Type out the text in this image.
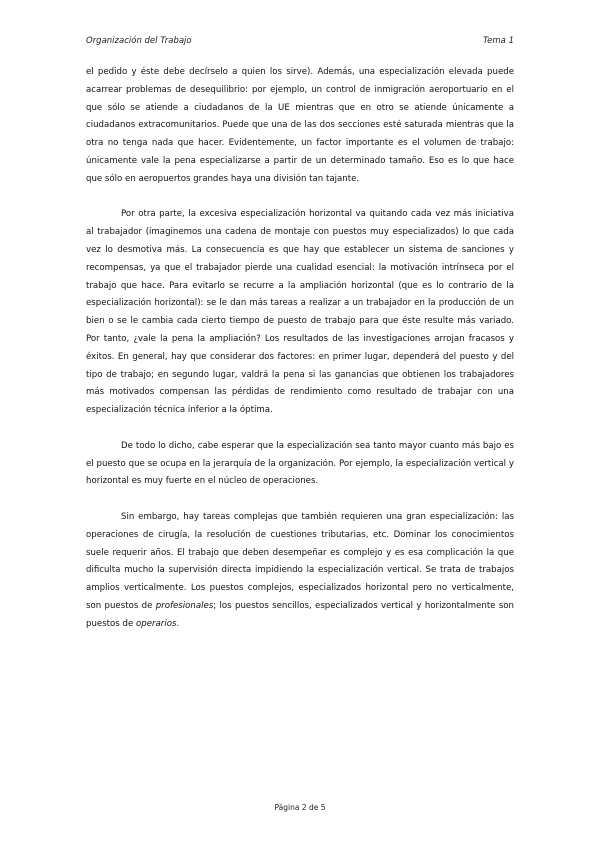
Organización del Trabajo	Tema 1

el pedido y éste debe decírselo a quien los sirve). Además, una especialización elevada puede acarrear problemas de desequilibrio: por ejemplo, un control de inmigración aeroportuario en el que sólo se atiende a ciudadanos de la UE mientras que en otro se atiende únicamente a ciudadanos extracomunitarios. Puede que una de las dos secciones esté saturada mientras que la otra no tenga nada que hacer. Evidentemente, un factor importante es el volumen de trabajo: únicamente vale la pena especializarse a partir de un determinado tamaño. Eso es lo que hace que sólo en aeropuertos grandes haya una división tan tajante.

Por otra parte, la excesiva especialización horizontal va quitando cada vez más iniciativa al trabajador (imaginemos una cadena de montaje con puestos muy especializados) lo que cada vez lo desmotiva más. La consecuencia es que hay que establecer un sistema de sanciones y recompensas, ya que el trabajador pierde una cualidad esencial: la motivación intrínseca por el trabajo que hace. Para evitarlo se recurre a la ampliación horizontal (que es lo contrario de la especialización horizontal): se le dan más tareas a realizar a un trabajador en la producción de un bien o se le cambia cada cierto tiempo de puesto de trabajo para que éste resulte más variado. Por tanto, ¿vale la pena la ampliación? Los resultados de las investigaciones arrojan fracasos y éxitos. En general, hay que considerar dos factores: en primer lugar, dependerá del puesto y del tipo de trabajo; en segundo lugar, valdrá la pena si las ganancias que obtienen los trabajadores más motivados compensan las pérdidas de rendimiento como resultado de trabajar con una especialización técnica inferior a la óptima.

De todo lo dicho, cabe esperar que la especialización sea tanto mayor cuanto más bajo es el puesto que se ocupa en la jerarquía de la organización. Por ejemplo, la especialización vertical y horizontal es muy fuerte en el núcleo de operaciones.

Sin embargo, hay tareas complejas que también requieren una gran especialización: las operaciones de cirugía, la resolución de cuestiones tributarias, etc. Dominar los conocimientos suele requerir años. El trabajo que deben desempeñar es complejo y es esa complicación la que dificulta mucho la supervisión directa impidiendo la especialización vertical. Se trata de trabajos amplios verticalmente. Los puestos complejos, especializados horizontal pero no verticalmente, son puestos de profesionales; los puestos sencillos, especializados vertical y horizontalmente son puestos de operarios.

Página 2 de 5
